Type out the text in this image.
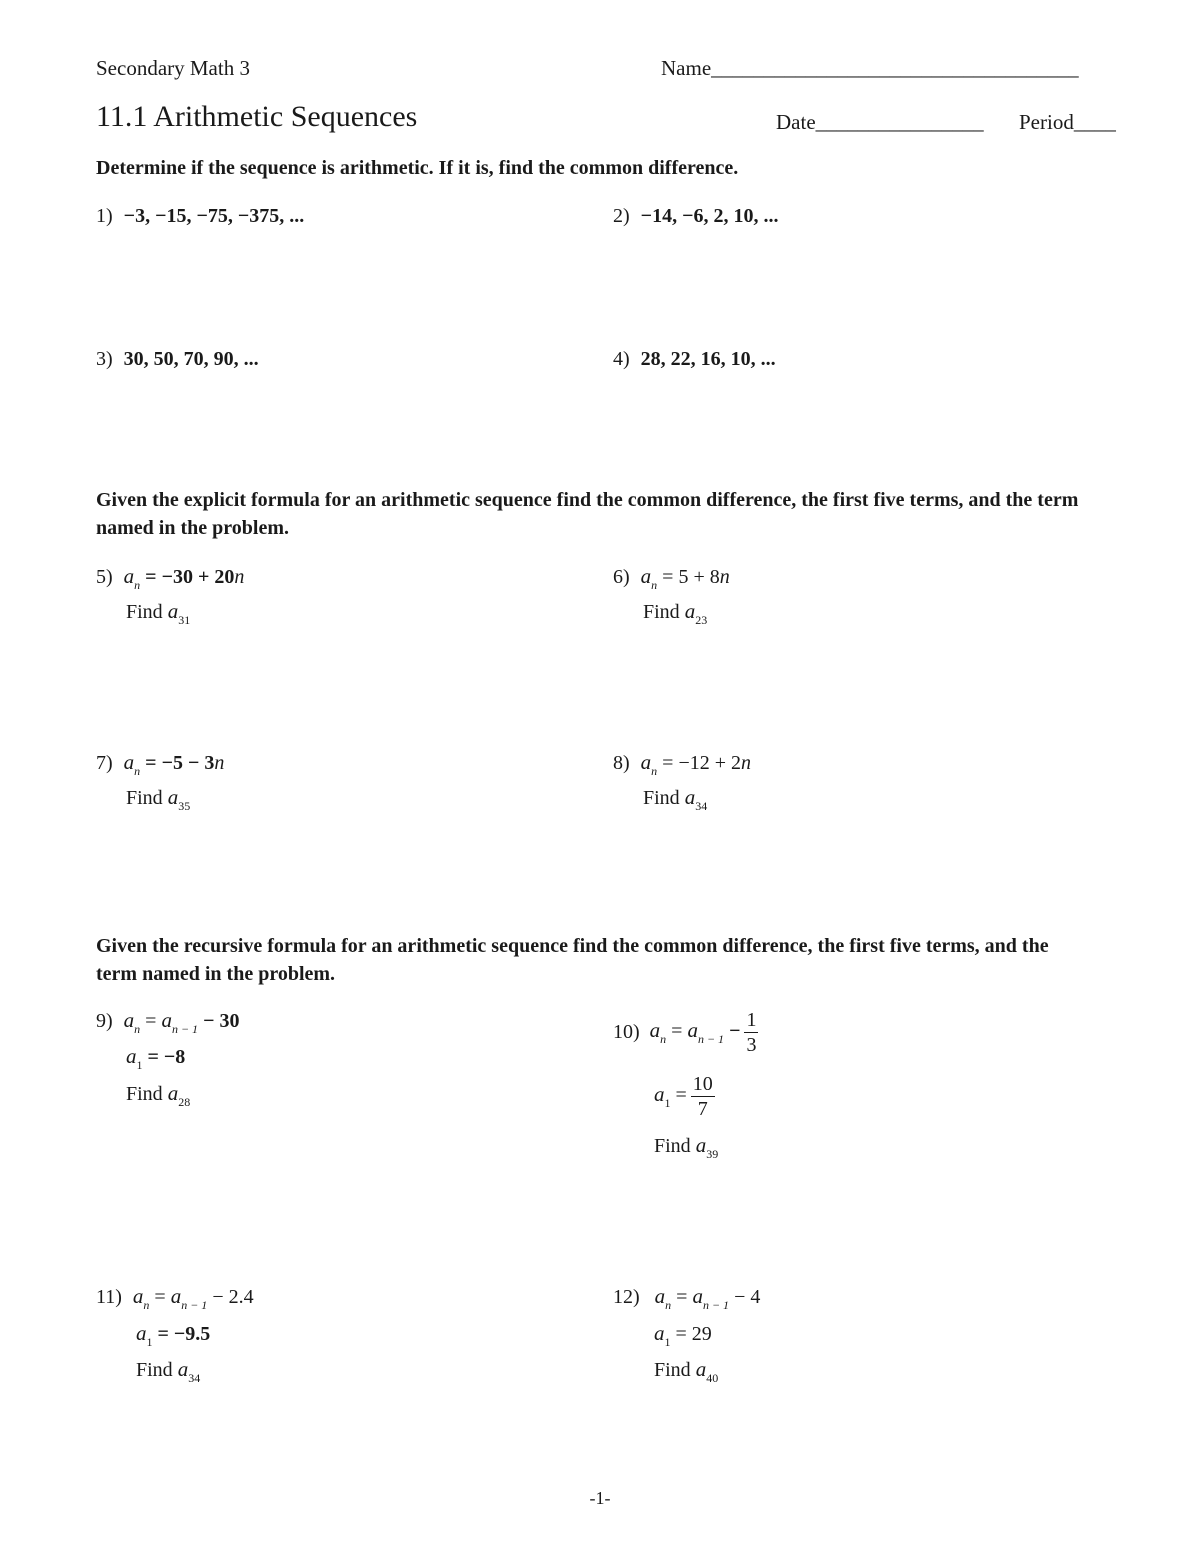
Secondary Math 3	Name___________________________________
11.1 Arithmetic Sequences	Date________________ Period____
Determine if the sequence is arithmetic. If it is, find the common difference.
1) −3, −15, −75, −375, ...	2) −14, −6, 2, 10, ...
3) 30, 50, 70, 90, ...	4) 28, 22, 16, 10, ...
Given the explicit formula for an arithmetic sequence find the common difference, the first five terms, and the term named in the problem.
5) $a_n = -30 + 20n$
Find $a_{31}$
6) $a_n = 5 + 8n$
Find $a_{23}$
7) $a_n = -5 - 3n$
Find $a_{35}$
8) $a_n = -12 + 2n$
Find $a_{34}$
Given the recursive formula for an arithmetic sequence find the common difference, the first five terms, and the term named in the problem.
9) $a_n = a_{n - 1} - 30$
$a_1 = -8$
Find $a_{28}$
10) $a_n = a_{n - 1} - \frac{1}{3}$
$a_1 = \frac{10}{7}$
Find $a_{39}$
11) $a_n = a_{n - 1} - 2.4$
$a_1 = -9.5$
Find $a_{34}$
12) $a_n = a_{n - 1} - 4$
$a_1 = 29$
Find $a_{40}$
-1-
